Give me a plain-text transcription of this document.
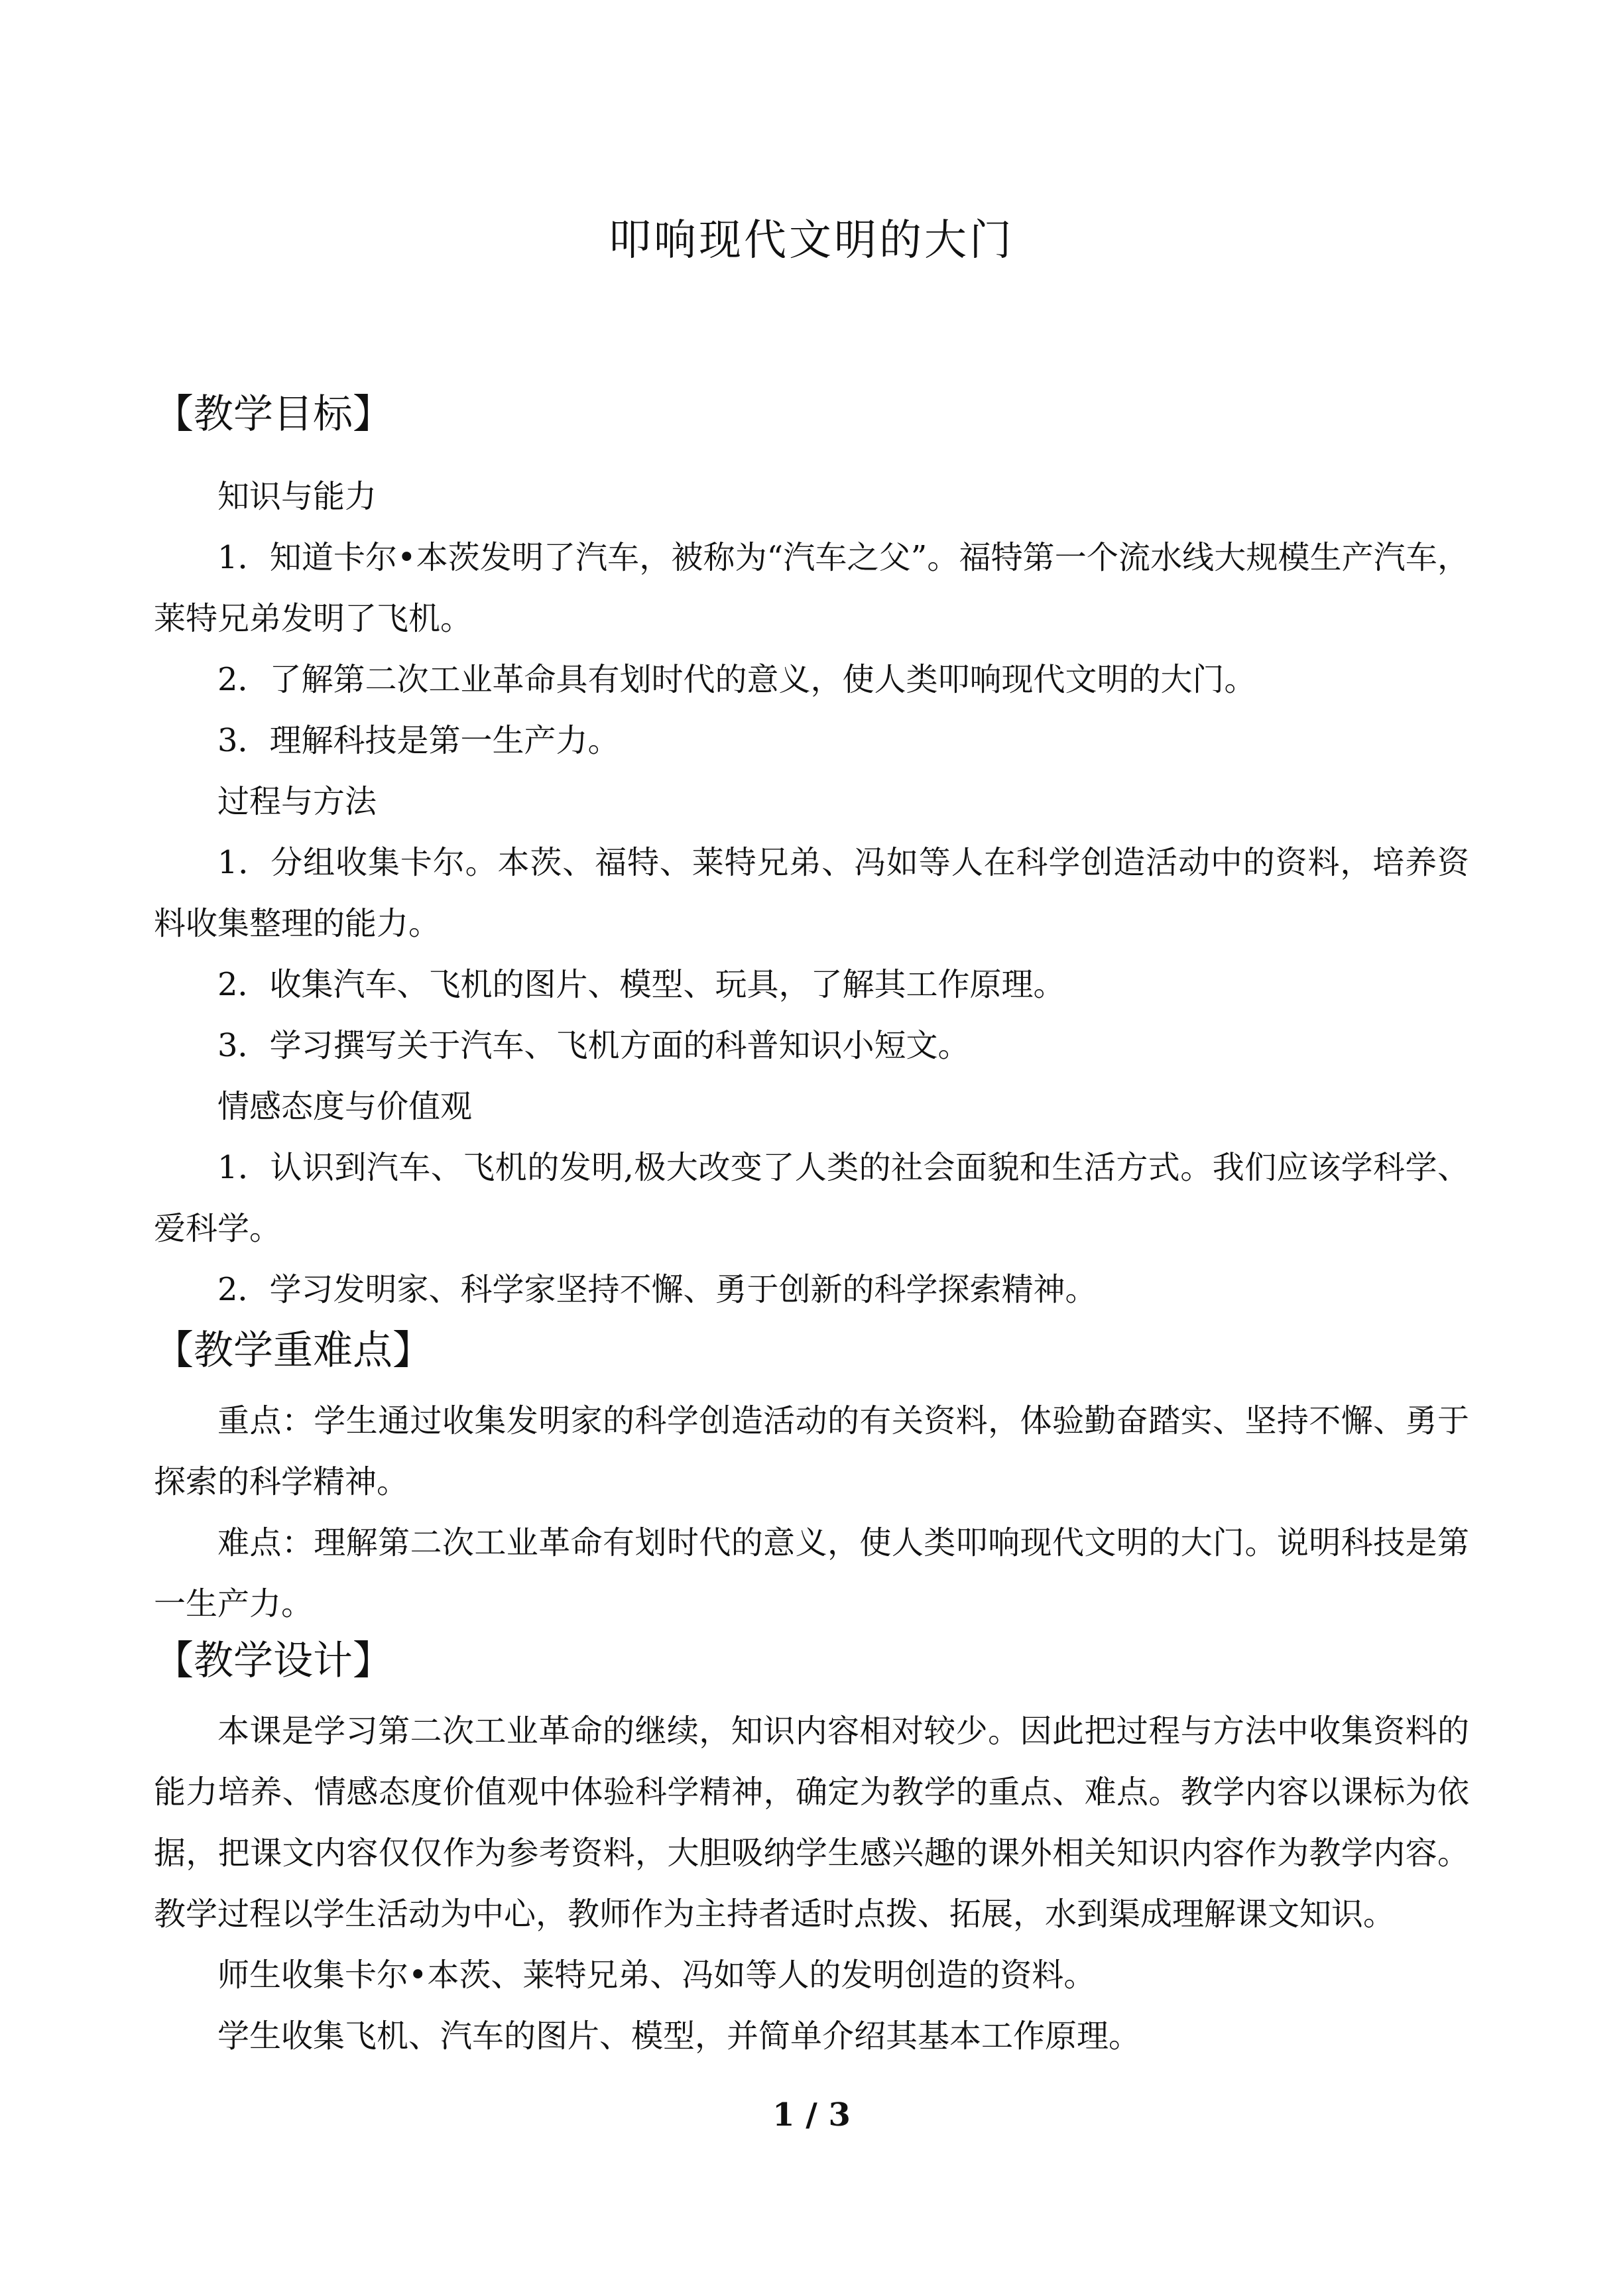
叩响现代文明的大门
【教学目标】
知识与能力
1．知道卡尔•本茨发明了汽车，被称为“汽车之父”。福特第一个流水线大规模生产汽车，莱特兄弟发明了飞机。
2．了解第二次工业革命具有划时代的意义，使人类叩响现代文明的大门。
3．理解科技是第一生产力。
过程与方法
1．分组收集卡尔。本茨、福特、莱特兄弟、冯如等人在科学创造活动中的资料，培养资料收集整理的能力。
2．收集汽车、飞机的图片、模型、玩具，了解其工作原理。
3．学习撰写关于汽车、飞机方面的科普知识小短文。
情感态度与价值观
1．认识到汽车、飞机的发明,极大改变了人类的社会面貌和生活方式。我们应该学科学、爱科学。
2．学习发明家、科学家坚持不懈、勇于创新的科学探索精神。
【教学重难点】
重点：学生通过收集发明家的科学创造活动的有关资料，体验勤奋踏实、坚持不懈、勇于探索的科学精神。
难点：理解第二次工业革命有划时代的意义，使人类叩响现代文明的大门。说明科技是第一生产力。
【教学设计】
本课是学习第二次工业革命的继续，知识内容相对较少。因此把过程与方法中收集资料的能力培养、情感态度价值观中体验科学精神，确定为教学的重点、难点。教学内容以课标为依据，把课文内容仅仅作为参考资料，大胆吸纳学生感兴趣的课外相关知识内容作为教学内容。教学过程以学生活动为中心，教师作为主持者适时点拨、拓展，水到渠成理解课文知识。
师生收集卡尔•本茨、莱特兄弟、冯如等人的发明创造的资料。
学生收集飞机、汽车的图片、模型，并简单介绍其基本工作原理。
1 / 3
